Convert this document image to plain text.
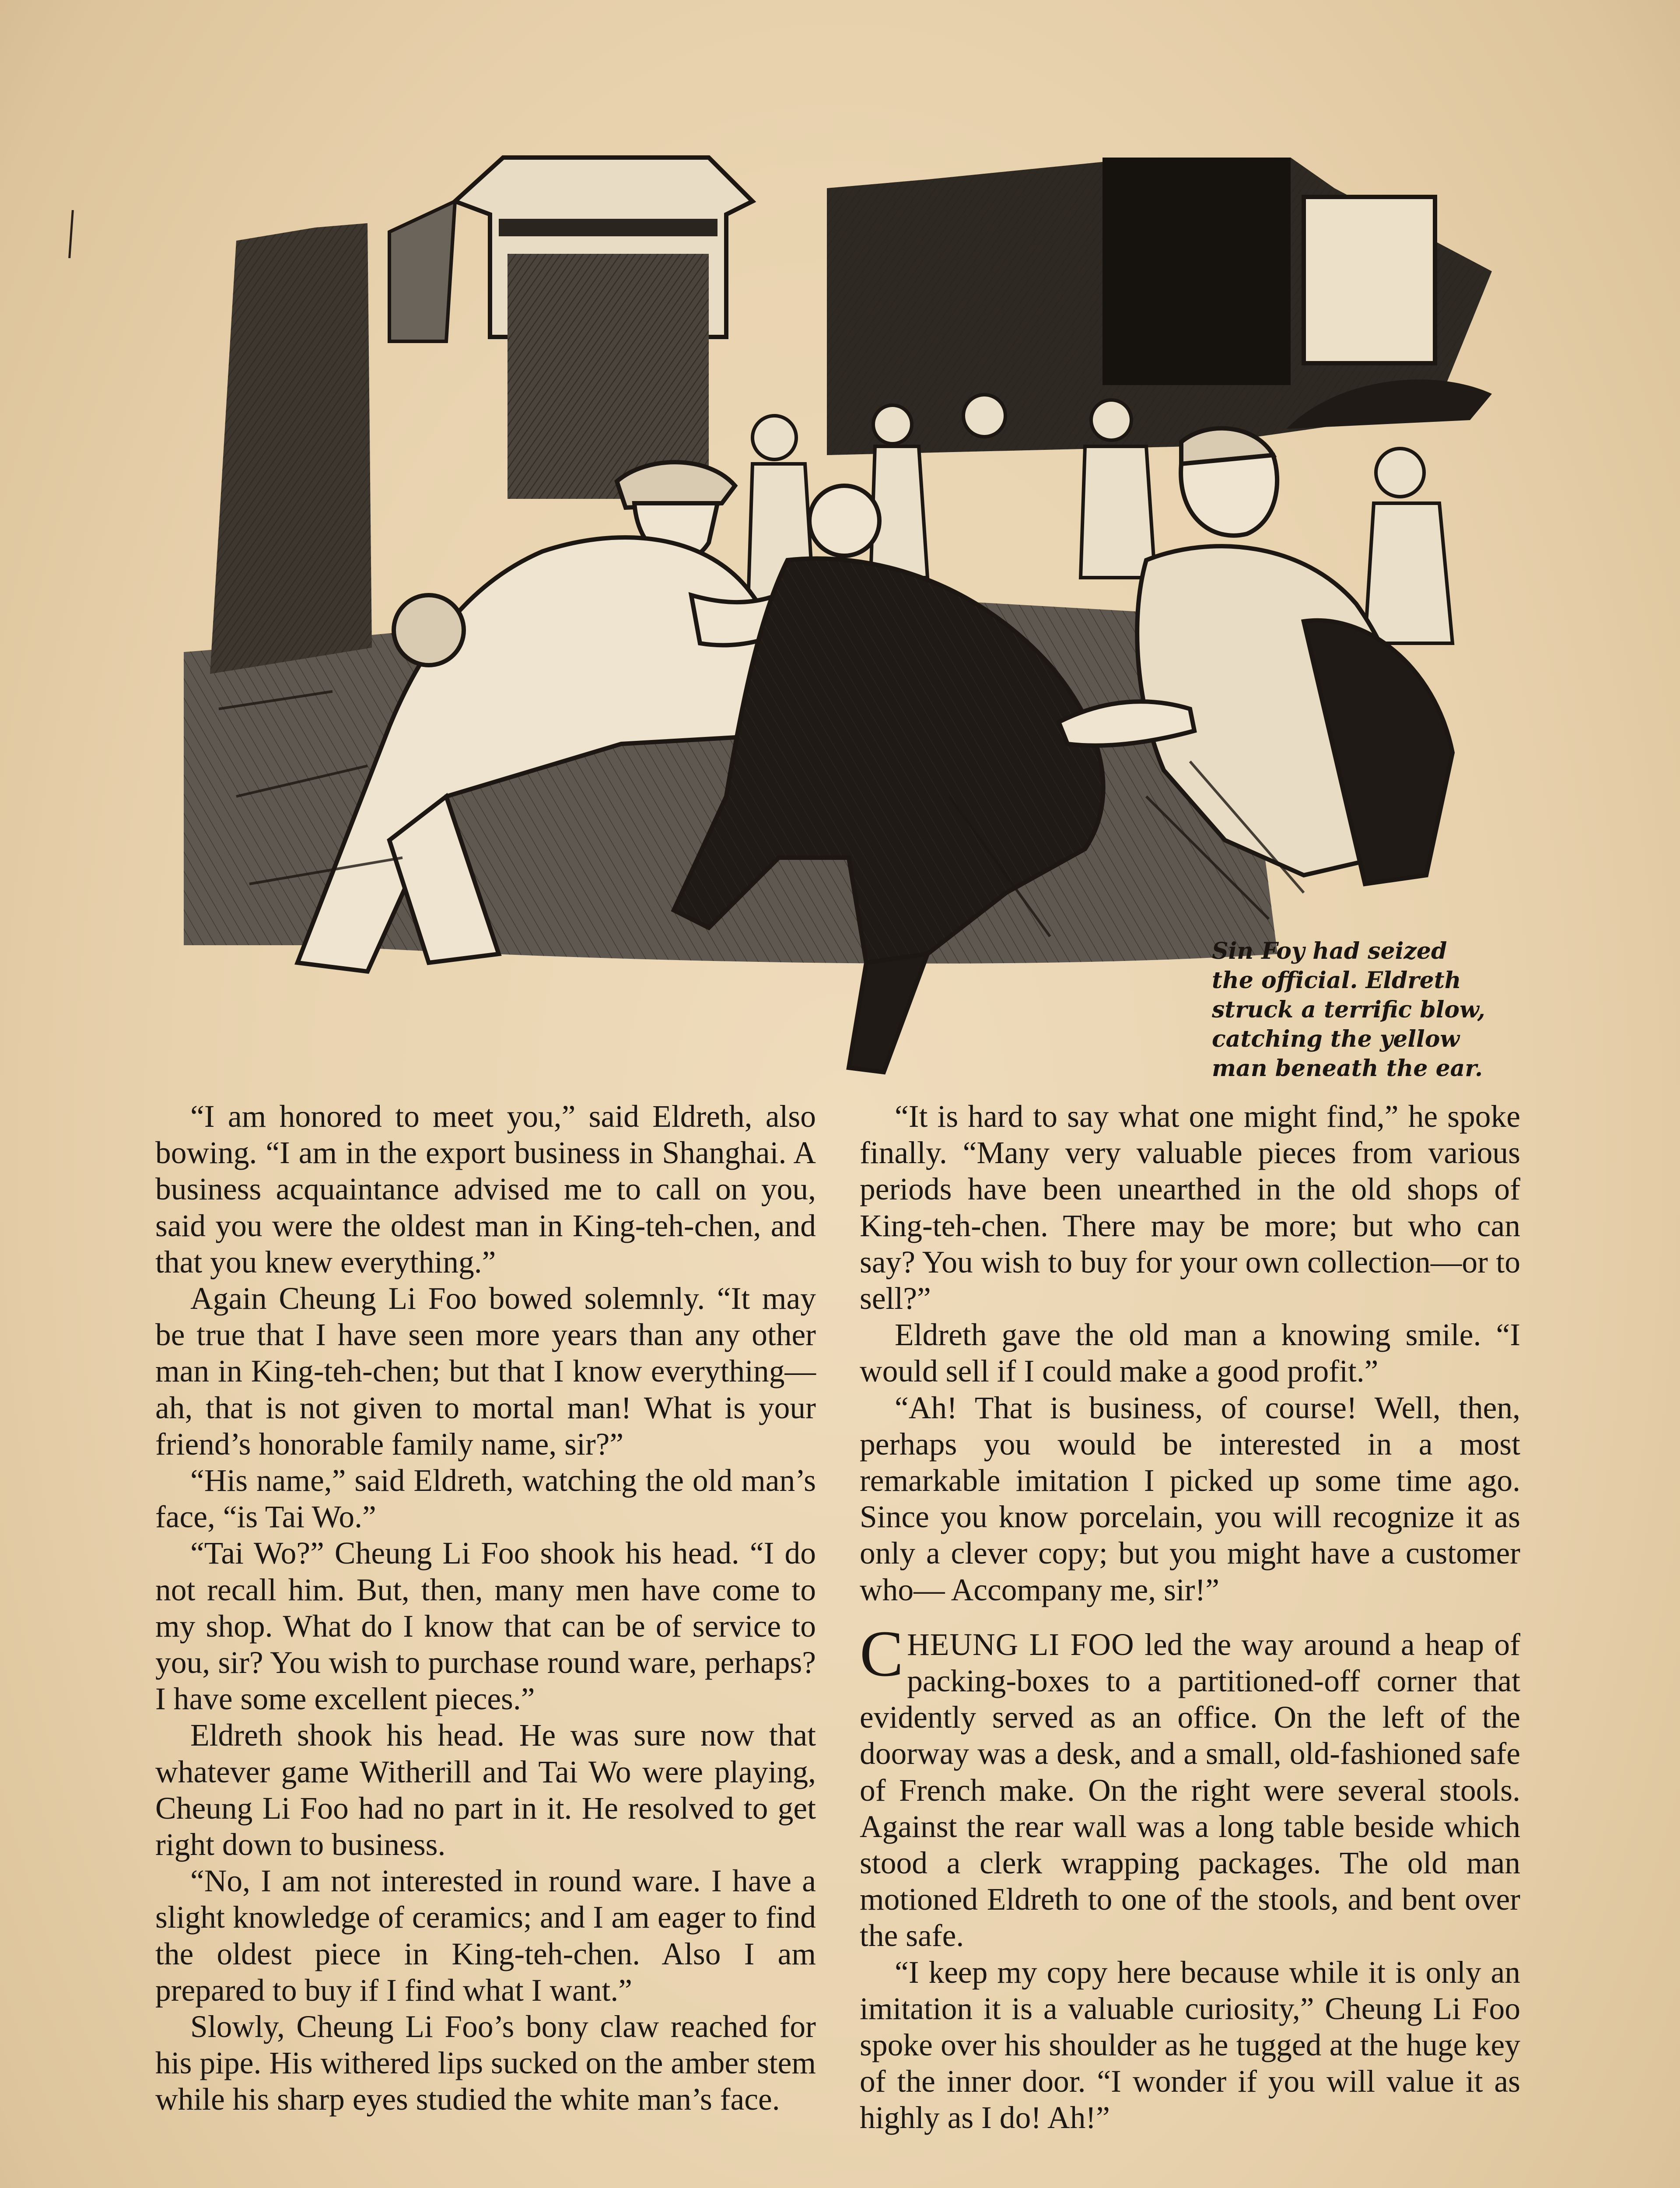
Sin Foy had seized
the official. Eldreth
struck a terrific blow,
catching the yellow
man beneath the ear.

“I am honored to meet you,” said Eldreth, also bowing. “I am in the export business in Shanghai. A business acquaintance advised me to call on you, said you were the oldest man in King-teh-chen, and that you knew everything.”

Again Cheung Li Foo bowed solemnly. “It may be true that I have seen more years than any other man in King-teh-chen; but that I know everything—ah, that is not given to mortal man! What is your friend’s honorable family name, sir?”

“His name,” said Eldreth, watching the old man’s face, “is Tai Wo.”

“Tai Wo?” Cheung Li Foo shook his head. “I do not recall him. But, then, many men have come to my shop. What do I know that can be of service to you, sir? You wish to purchase round ware, perhaps? I have some excellent pieces.”

Eldreth shook his head. He was sure now that whatever game Witherill and Tai Wo were playing, Cheung Li Foo had no part in it. He resolved to get right down to business.

“No, I am not interested in round ware. I have a slight knowledge of ceramics; and I am eager to find the oldest piece in King-teh-chen. Also I am prepared to buy if I find what I want.”

Slowly, Cheung Li Foo’s bony claw reached for his pipe. His withered lips sucked on the amber stem while his sharp eyes studied the white man’s face.

“It is hard to say what one might find,” he spoke finally. “Many very valuable pieces from various periods have been unearthed in the old shops of King-teh-chen. There may be more; but who can say? You wish to buy for your own collection—or to sell?”

Eldreth gave the old man a knowing smile. “I would sell if I could make a good profit.”

“Ah! That is business, of course! Well, then, perhaps you would be interested in a most remarkable imitation I picked up some time ago. Since you know porcelain, you will recognize it as only a clever copy; but you might have a customer who— Accompany me, sir!”

CHEUNG LI FOO led the way around a heap of packing-boxes to a partitioned-off corner that evidently served as an office. On the left of the doorway was a desk, and a small, old-fashioned safe of French make. On the right were several stools. Against the rear wall was a long table beside which stood a clerk wrapping packages. The old man motioned Eldreth to one of the stools, and bent over the safe.

“I keep my copy here because while it is only an imitation it is a valuable curiosity,” Cheung Li Foo spoke over his shoulder as he tugged at the huge key of the inner door. “I wonder if you will value it as highly as I do! Ah!”
